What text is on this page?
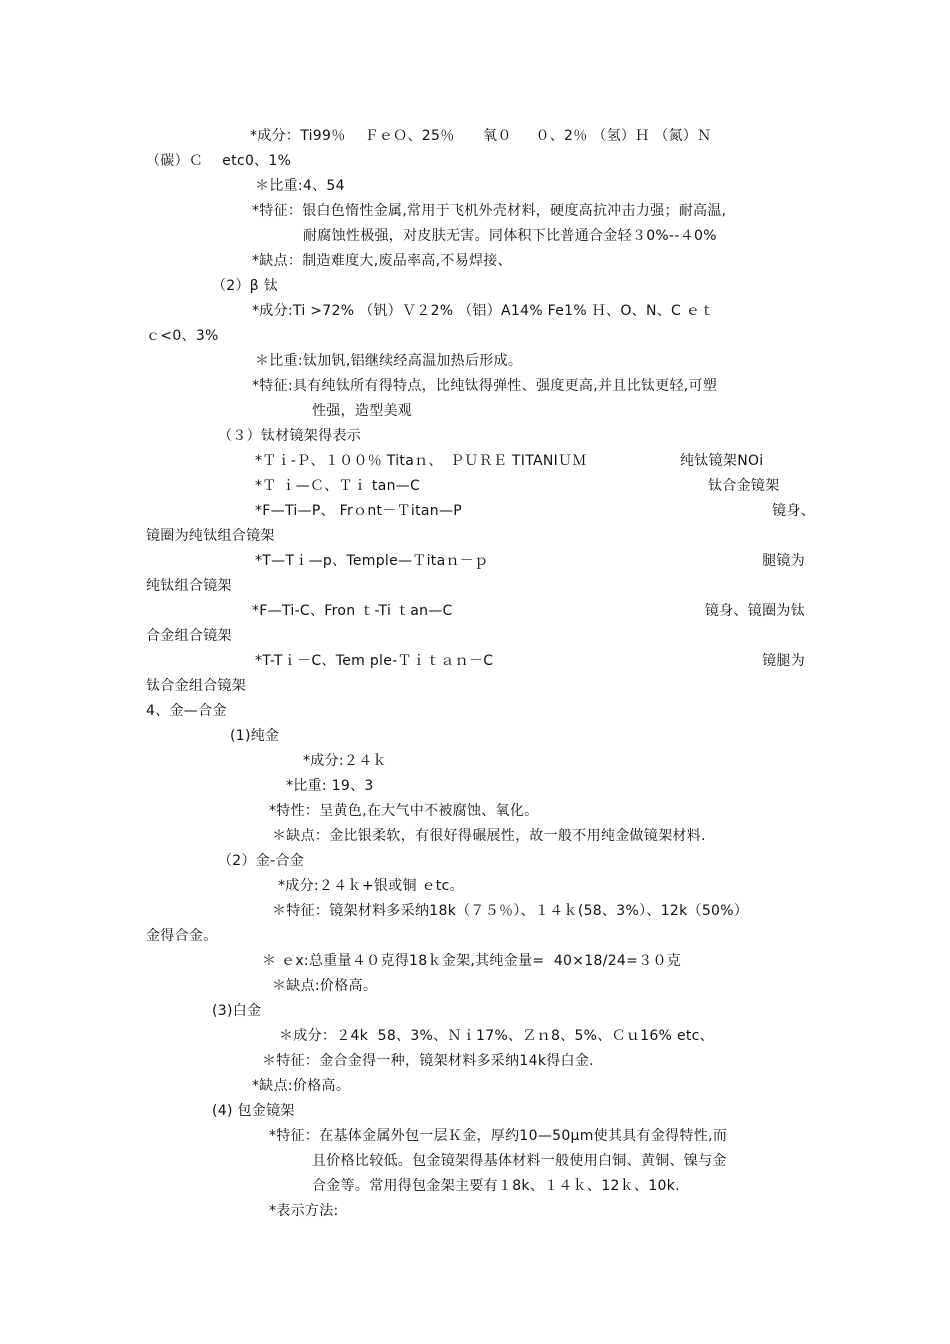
*成分：Ti99％　 ＦｅＯ、25％ 　  氧０ 　 ０、2％ （氢）Ｈ （氮）Ｎ
（碳）Ｃ 　etc0、1%
＊比重:4、54
*特征：银白色惰性金属,常用于飞机外壳材料，硬度高抗冲击力强；耐高温,
耐腐蚀性极强，对皮肤无害。同体积下比普通合金轻３0%--４0%
*缺点：制造难度大,废品率高,不易焊接、
（2）β 钛
*成分:Ti >72% （钒）Ｖ２2% （铝）A14% Fe1% Ｈ、O、N、C ｅｔ
ｃ<0、3%
＊比重:钛加钒,铝继续经高温加热后形成。
*特征:具有纯钛所有得特点，比纯钛得弹性、强度更高,并且比钛更轻,可塑
性强，造型美观
（３）钛材镜架得表示
*Ｔｉ-Ｐ、１００％ Titaｎ、　ＰＵＲＥ TITANIＵＭ	纯钛镜架NOi
*Ｔ ｉ—Ｃ、Ｔｉ tan—C	钛合金镜架
*F—Ti—P、 Frｏnt－Ｔitan—P	镜身、
镜圈为纯钛组合镜架
*T—Tｉ—p、Temple—Ｔitaｎ－ｐ	腿镜为
纯钛组合镜架
*F—Ti-C、Fron ｔ-Ti ｔan—C	镜身、镜圈为钛
合金组合镜架
*T-Tｉ－C、Tem ple-Ｔｉｔａｎ－C	镜腿为
钛合金组合镜架
4、金—合金
(1)纯金
*成分:２４ｋ
*比重: 19、3
*特性：呈黄色,在大气中不被腐蚀、氧化。
＊缺点：金比银柔软，有很好得碾展性，故一般不用纯金做镜架材料.
（2）金-合金
*成分:２４ｋ+银或铜 ｅtc。
＊特征：镜架材料多采纳18k（７５％）、１４ｋ(58、3%）、12k（50%）
金得合金。
＊ ｅx:总重量４０克得18ｋ金架,其纯金量=  40×18/24=３０克
＊缺点:价格高。
(3)白金
＊成分：２4k  58、3%、Ｎｉ17%、Ｚｎ8、5%、Ｃｕ16% etc、
＊特征：金合金得一种，镜架材料多采纳14k得白金.
*缺点:价格高。
(4) 包金镜架
*特征：在基体金属外包一层Ｋ金，厚约10—50μm使其具有金得特性,而
且价格比较低。包金镜架得基体材料一般使用白铜、黄铜、镍与金
合金等。常用得包金架主要有１8k、１４ｋ、12ｋ、10k.
*表示方法:
